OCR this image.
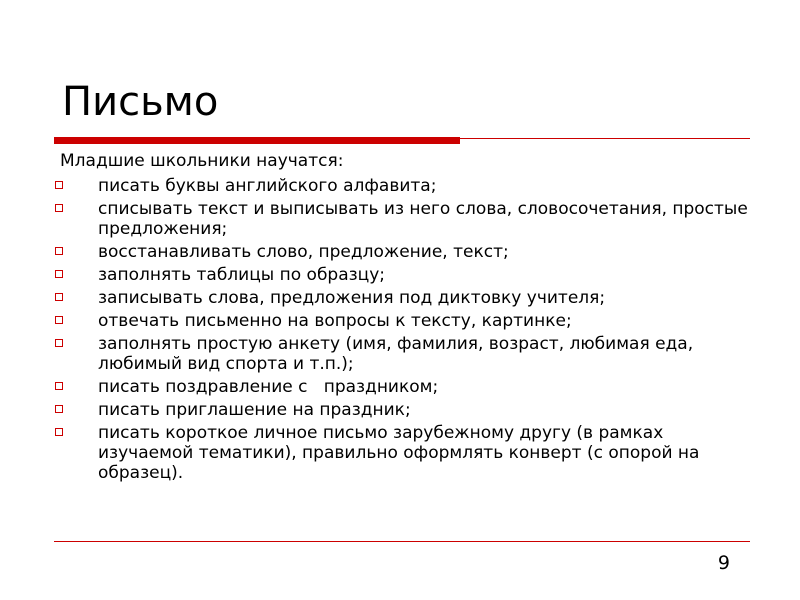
Письмо

Младшие школьники научатся:

писать буквы английского алфавита;
списывать текст и выписывать из него слова, словосочетания, простые предложения;
восстанавливать слово, предложение, текст;
заполнять таблицы по образцу;
записывать слова, предложения под диктовку учителя;
отвечать письменно на вопросы к тексту, картинке;
заполнять простую анкету (имя, фамилия, возраст, любимая еда, любимый вид спорта и т.п.);
писать поздравление с   праздником;
писать приглашение на праздник;
писать короткое личное письмо зарубежному другу (в рамках изучаемой тематики), правильно оформлять конверт (с опорой на образец).
9
